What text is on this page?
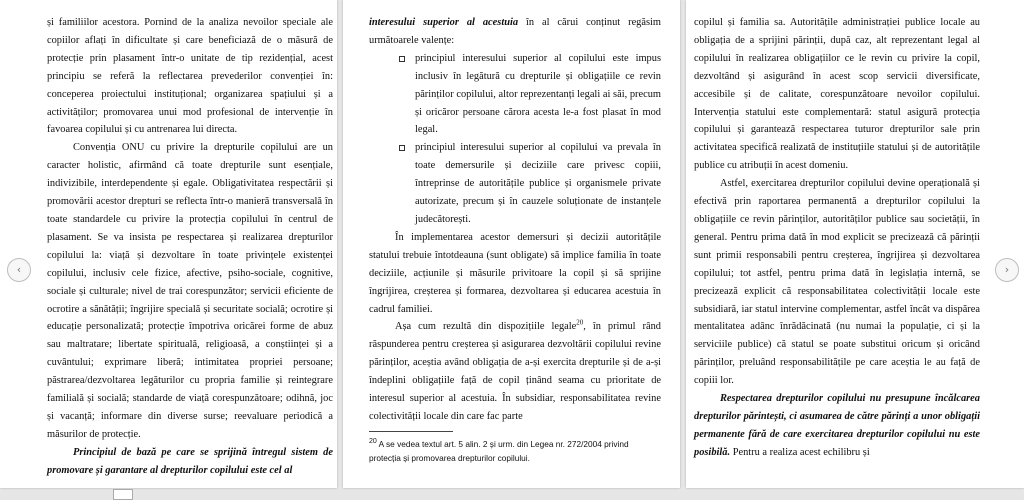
și familiilor acestora. Pornind de la analiza nevoilor speciale ale copiilor aflați în dificultate și care beneficiază de o măsură de protecție prin plasament într-o unitate de tip rezidențial, acest principiu se referă la reflectarea prevederilor convenției în: conceperea proiectului instituțional; organizarea spațiului și a activităților; promovarea unui mod profesional de intervenție în favoarea copilului și cu antrenarea lui directa.

Convenția ONU cu privire la drepturile copilului are un caracter holistic, afirmând că toate drepturile sunt esențiale, indivizibile, interdependente și egale. Obligativitatea respectării și promovării acestor drepturi se reflecta într-o manieră transversală în toate standardele cu privire la protecția copilului în centrul de plasament. Se va insista pe respectarea și realizarea drepturilor copilului la: viață și dezvoltare în toate privințele existenței copilului, inclusiv cele fizice, afective, psiho-sociale, cognitive, sociale și culturale; nivel de trai corespunzător; servicii eficiente de ocrotire a sănătății; îngrijire specială și securitate socială; ocrotire și educație personalizată; protecție împotriva oricărei forme de abuz sau maltratare; libertate spirituală, religioasă, a conștiinței și a cuvântului; exprimare liberă; intimitatea propriei persoane; păstrarea/dezvoltarea legăturilor cu propria familie și reintegrare familială și socială; standarde de viață corespunzătoare; odihnă, joc și vacanță; informare din diverse surse; reevaluare periodică a măsurilor de protecție.

Principiul de bază pe care se sprijină întregul sistem de promovare și garantare al drepturilor copilului este cel al

interesului superior al acestuia în al cărui conținut regăsim următoarele valențe:

principiul interesului superior al copilului este impus inclusiv în legătură cu drepturile și obligațiile ce revin părinților copilului, altor reprezentanți legali ai săi, precum și oricăror persoane cărora acesta le-a fost plasat în mod legal.
principiul interesului superior al copilului va prevala în toate demersurile și deciziile care privesc copiii, întreprinse de autoritățile publice și organismele private autorizate, precum și în cauzele soluționate de instanțele judecătorești.

În implementarea acestor demersuri și decizii autoritățile statului trebuie întotdeauna (sunt obligate) să implice familia în toate deciziile, acțiunile și măsurile privitoare la copil și să sprijine îngrijirea, creșterea și formarea, dezvoltarea și educarea acestuia în cadrul familiei.

Așa cum rezultă din dispozițiile legale$^{20}$, în primul rând răspunderea pentru creșterea și asigurarea dezvoltării copilului revine părinților, aceștia având obligația de a-și exercita drepturile și de a-și îndeplini obligațiile față de copil ținând seama cu prioritate de interesul superior al acestuia. În subsidiar, responsabilitatea revine colectivității locale din care fac parte

$^{20}$ A se vedea textul art. 5 alin. 2 și urm. din Legea nr. 272/2004 privind protecția și promovarea drepturilor copilului.

copilul și familia sa. Autoritățile administrației publice locale au obligația de a sprijini părinții, după caz, alt reprezentant legal al copilului în realizarea obligațiilor ce le revin cu privire la copil, dezvoltând și asigurând în acest scop servicii diversificate, accesibile și de calitate, corespunzătoare nevoilor copilului. Intervenția statului este complementară: statul asigură protecția copilului și garantează respectarea tuturor drepturilor sale prin activitatea specifică realizată de instituțiile statului și de autoritățile publice cu atribuții în acest domeniu.

Astfel, exercitarea drepturilor copilului devine operațională și efectivă prin raportarea permanentă a drepturilor copilului la obligațiile ce revin părinților, autorităților publice sau societății, în general. Pentru prima dată în mod explicit se precizează că părinții sunt primii responsabili pentru creșterea, îngrijirea și dezvoltarea copilului; tot astfel, pentru prima dată în legislația internă, se precizează explicit că responsabilitatea colectivității locale este subsidiară, iar statul intervine complementar, astfel încât va dispărea mentalitatea adânc înrădăcinată (nu numai la populație, ci și la serviciile publice) că statul se poate substitui oricum și oricând părinților, preluând responsabilitățile pe care aceștia le au față de copiii lor.

Respectarea drepturilor copilului nu presupune încălcarea drepturilor părintești, ci asumarea de către părinți a unor obligații permanente fără de care exercitarea drepturilor copilului nu este posibilă. Pentru a realiza acest echilibru și

‹	›
